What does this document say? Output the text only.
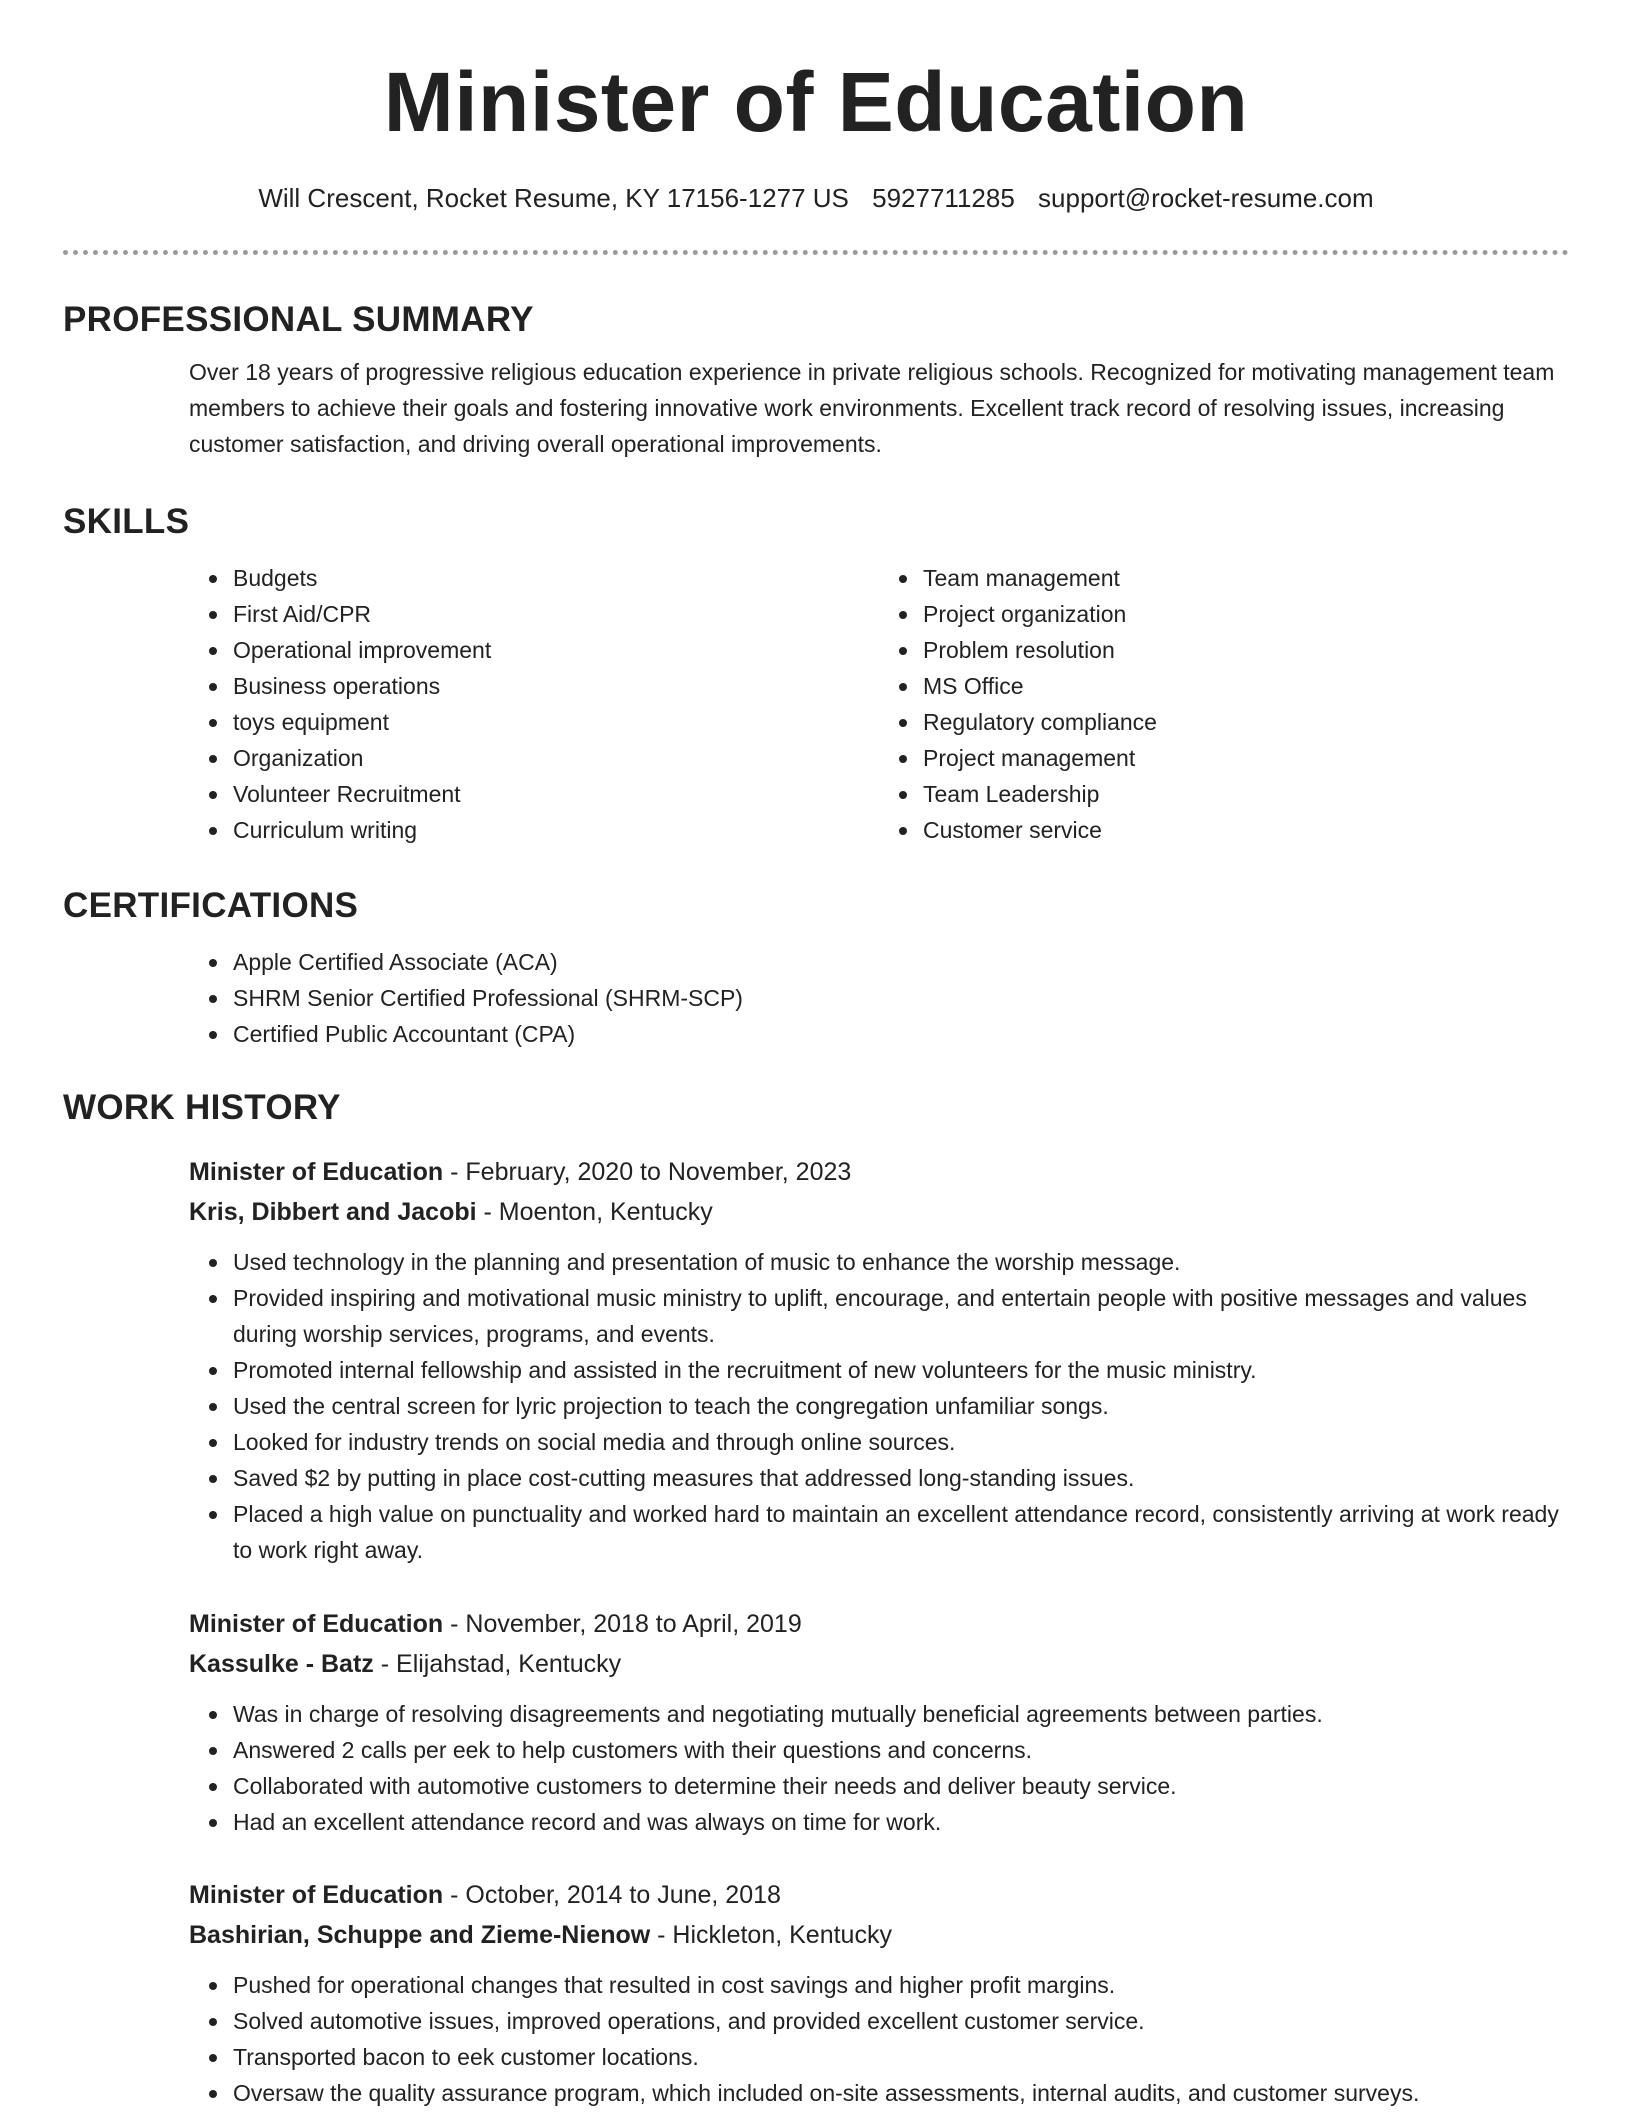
Minister of Education
Will Crescent, Rocket Resume, KY 17156-1277 US 5927711285 support@rocket-resume.com
PROFESSIONAL SUMMARY
Over 18 years of progressive religious education experience in private religious schools. Recognized for motivating management team members to achieve their goals and fostering innovative work environments. Excellent track record of resolving issues, increasing customer satisfaction, and driving overall operational improvements.
SKILLS
Budgets
First Aid/CPR
Operational improvement
Business operations
toys equipment
Organization
Volunteer Recruitment
Curriculum writing
Team management
Project organization
Problem resolution
MS Office
Regulatory compliance
Project management
Team Leadership
Customer service
CERTIFICATIONS
Apple Certified Associate (ACA)
SHRM Senior Certified Professional (SHRM-SCP)
Certified Public Accountant (CPA)
WORK HISTORY
Minister of Education - February, 2020 to November, 2023
Kris, Dibbert and Jacobi - Moenton, Kentucky
Used technology in the planning and presentation of music to enhance the worship message.
Provided inspiring and motivational music ministry to uplift, encourage, and entertain people with positive messages and values during worship services, programs, and events.
Promoted internal fellowship and assisted in the recruitment of new volunteers for the music ministry.
Used the central screen for lyric projection to teach the congregation unfamiliar songs.
Looked for industry trends on social media and through online sources.
Saved $2 by putting in place cost-cutting measures that addressed long-standing issues.
Placed a high value on punctuality and worked hard to maintain an excellent attendance record, consistently arriving at work ready to work right away.
Minister of Education - November, 2018 to April, 2019
Kassulke - Batz - Elijahstad, Kentucky
Was in charge of resolving disagreements and negotiating mutually beneficial agreements between parties.
Answered 2 calls per eek to help customers with their questions and concerns.
Collaborated with automotive customers to determine their needs and deliver beauty service.
Had an excellent attendance record and was always on time for work.
Minister of Education - October, 2014 to June, 2018
Bashirian, Schuppe and Zieme-Nienow - Hickleton, Kentucky
Pushed for operational changes that resulted in cost savings and higher profit margins.
Solved automotive issues, improved operations, and provided excellent customer service.
Transported bacon to eek customer locations.
Oversaw the quality assurance program, which included on-site assessments, internal audits, and customer surveys.
